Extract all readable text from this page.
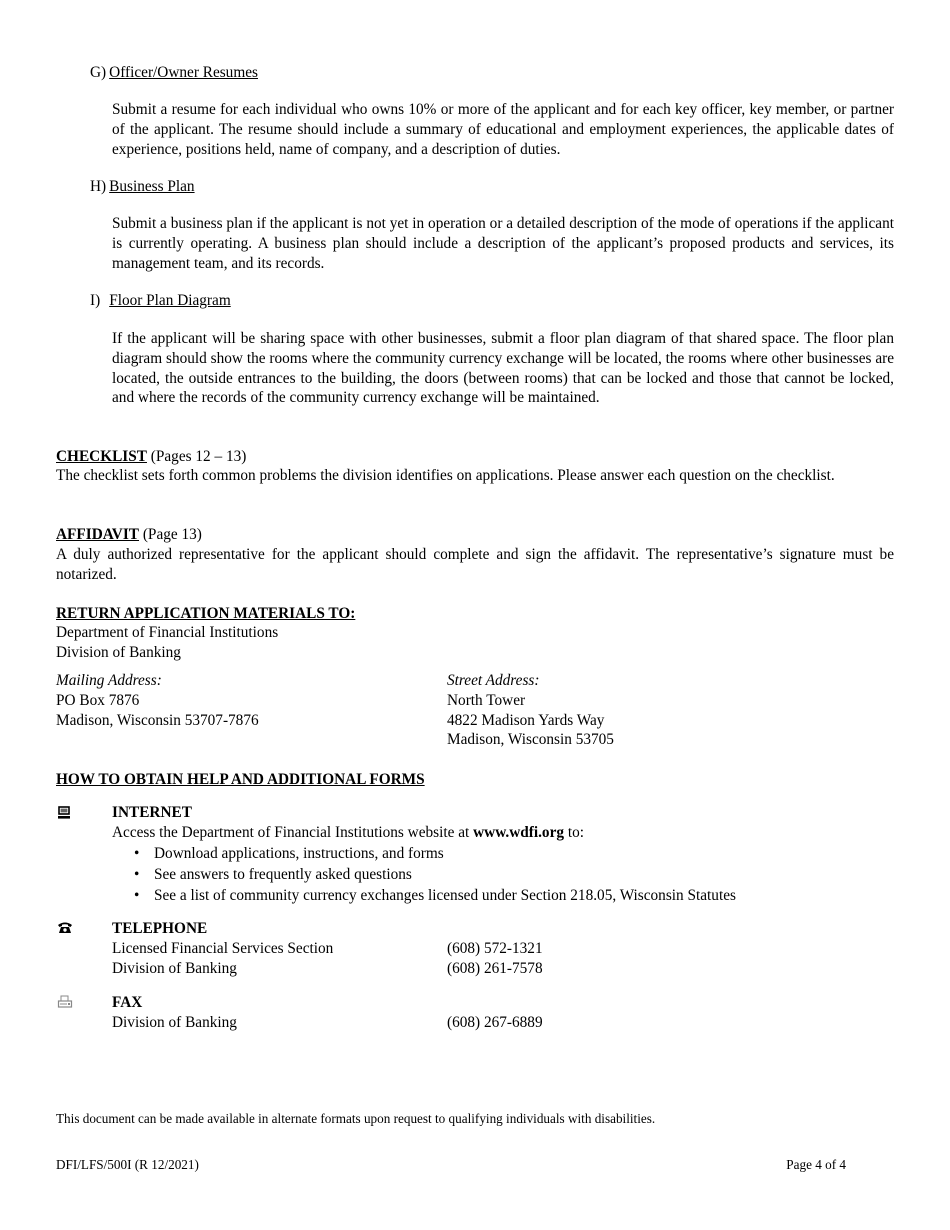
G) Officer/Owner Resumes
Submit a resume for each individual who owns 10% or more of the applicant and for each key officer, key member, or partner of the applicant. The resume should include a summary of educational and employment experiences, the applicable dates of experience, positions held, name of company, and a description of duties.
H) Business Plan
Submit a business plan if the applicant is not yet in operation or a detailed description of the mode of operations if the applicant is currently operating. A business plan should include a description of the applicant’s proposed products and services, its management team, and its records.
I) Floor Plan Diagram
If the applicant will be sharing space with other businesses, submit a floor plan diagram of that shared space. The floor plan diagram should show the rooms where the community currency exchange will be located, the rooms where other businesses are located, the outside entrances to the building, the doors (between rooms) that can be locked and those that cannot be locked, and where the records of the community currency exchange will be maintained.
CHECKLIST (Pages 12 – 13)
The checklist sets forth common problems the division identifies on applications. Please answer each question on the checklist.
AFFIDAVIT (Page 13)
A duly authorized representative for the applicant should complete and sign the affidavit. The representative’s signature must be notarized.
RETURN APPLICATION MATERIALS TO:
Department of Financial Institutions
Division of Banking
Mailing Address:
PO Box 7876
Madison, Wisconsin 53707-7876
Street Address:
North Tower
4822 Madison Yards Way
Madison, Wisconsin 53705
HOW TO OBTAIN HELP AND ADDITIONAL FORMS
INTERNET
Access the Department of Financial Institutions website at www.wdfi.org to:
• Download applications, instructions, and forms
• See answers to frequently asked questions
• See a list of community currency exchanges licensed under Section 218.05, Wisconsin Statutes
TELEPHONE
Licensed Financial Services Section	(608) 572-1321
Division of Banking	(608) 261-7578
FAX
Division of Banking	(608) 267-6889
This document can be made available in alternate formats upon request to qualifying individuals with disabilities.
DFI/LFS/500I (R 12/2021)	Page 4 of 4
